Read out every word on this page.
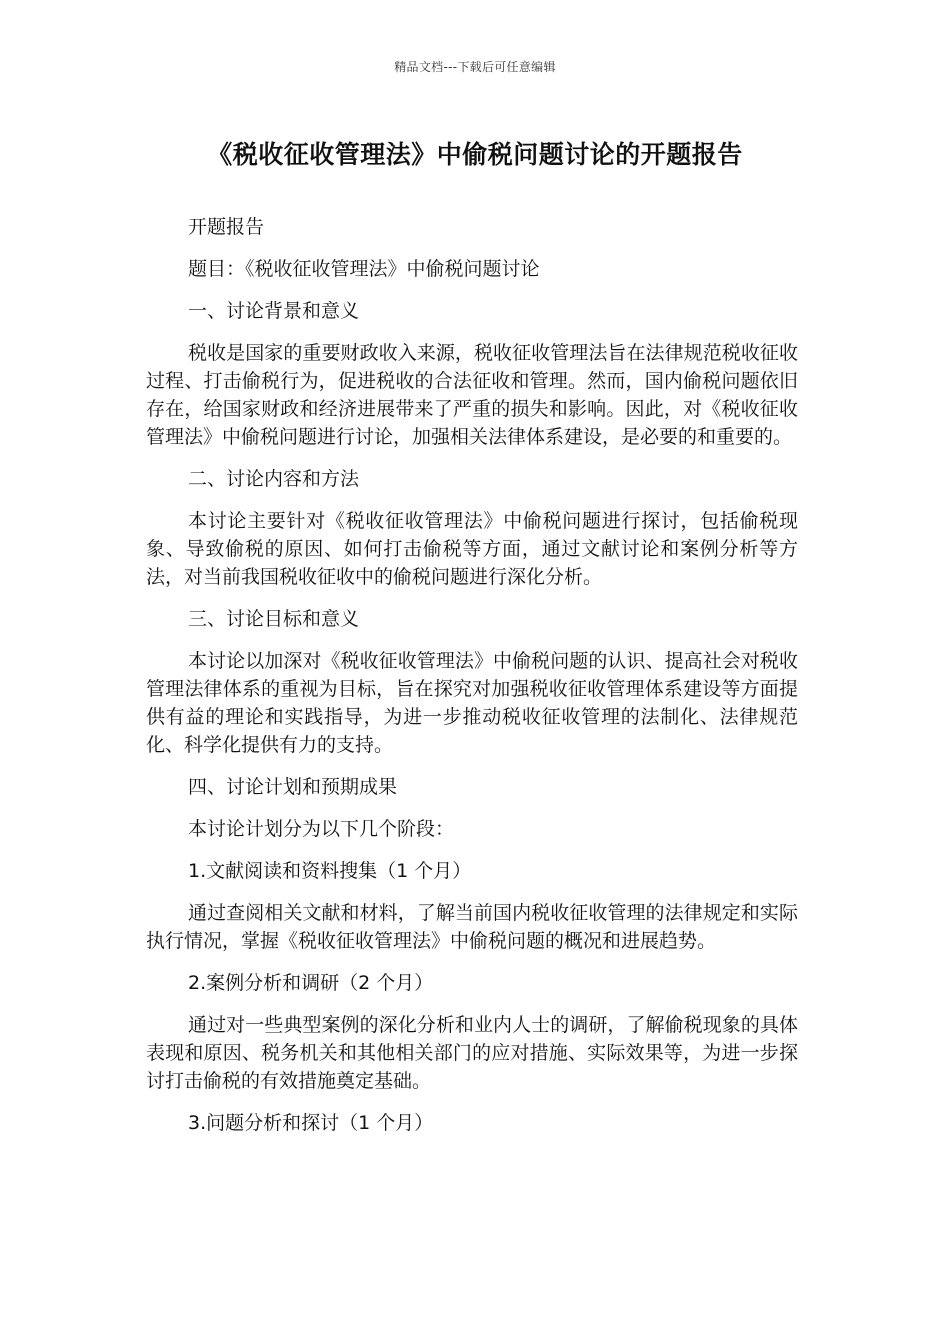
精品文档---下载后可任意编辑
《税收征收管理法》中偷税问题讨论的开题报告

开题报告

题目：《税收征收管理法》中偷税问题讨论

一、讨论背景和意义

税收是国家的重要财政收入来源，税收征收管理法旨在法律规范税收征收过程、打击偷税行为，促进税收的合法征收和管理。然而，国内偷税问题依旧存在，给国家财政和经济进展带来了严重的损失和影响。因此，对《税收征收管理法》中偷税问题进行讨论，加强相关法律体系建设，是必要的和重要的。

二、讨论内容和方法

本讨论主要针对《税收征收管理法》中偷税问题进行探讨，包括偷税现象、导致偷税的原因、如何打击偷税等方面，通过文献讨论和案例分析等方法，对当前我国税收征收中的偷税问题进行深化分析。

三、讨论目标和意义

本讨论以加深对《税收征收管理法》中偷税问题的认识、提高社会对税收管理法律体系的重视为目标，旨在探究对加强税收征收管理体系建设等方面提供有益的理论和实践指导，为进一步推动税收征收管理的法制化、法律规范化、科学化提供有力的支持。

四、讨论计划和预期成果

本讨论计划分为以下几个阶段：

1.文献阅读和资料搜集（1 个月）

通过查阅相关文献和材料，了解当前国内税收征收管理的法律规定和实际执行情况，掌握《税收征收管理法》中偷税问题的概况和进展趋势。

2.案例分析和调研（2 个月）

通过对一些典型案例的深化分析和业内人士的调研，了解偷税现象的具体表现和原因、税务机关和其他相关部门的应对措施、实际效果等，为进一步探讨打击偷税的有效措施奠定基础。

3.问题分析和探讨（1 个月）
